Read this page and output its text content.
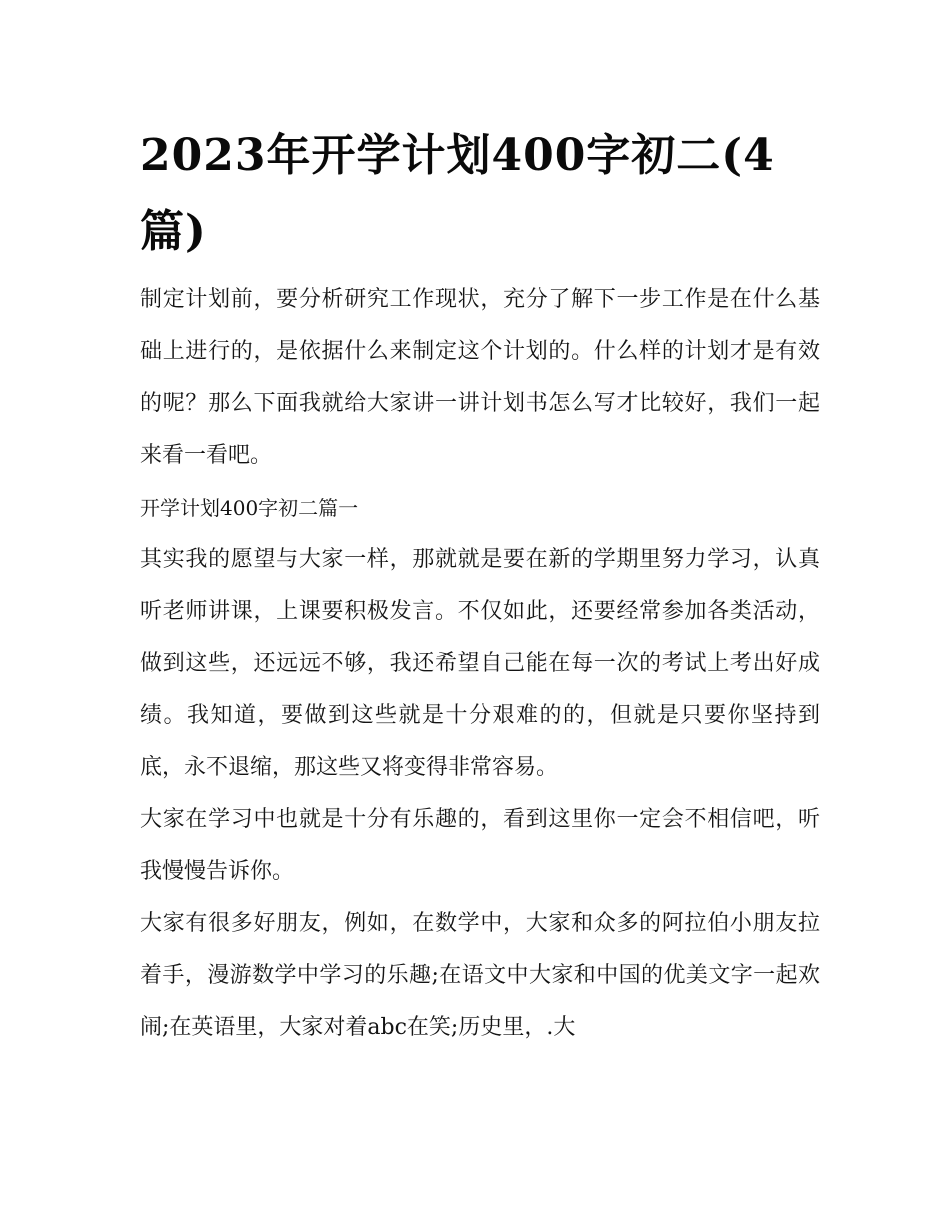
2023年开学计划400字初二(4篇)

制定计划前，要分析研究工作现状，充分了解下一步工作是在什么基础上进行的，是依据什么来制定这个计划的。什么样的计划才是有效的呢？那么下面我就给大家讲一讲计划书怎么写才比较好，我们一起来看一看吧。

开学计划400字初二篇一

其实我的愿望与大家一样，那就就是要在新的学期里努力学习，认真听老师讲课，上课要积极发言。不仅如此，还要经常参加各类活动，做到这些，还远远不够，我还希望自己能在每一次的考试上考出好成绩。我知道，要做到这些就是十分艰难的的，但就是只要你坚持到底，永不退缩，那这些又将变得非常容易。

大家在学习中也就是十分有乐趣的，看到这里你一定会不相信吧，听我慢慢告诉你。

大家有很多好朋友，例如，在数学中，大家和众多的阿拉伯小朋友拉着手，漫游数学中学习的乐趣;在语文中大家和中国的优美文字一起欢闹;在英语里，大家对着abc在笑;历史里，.大
